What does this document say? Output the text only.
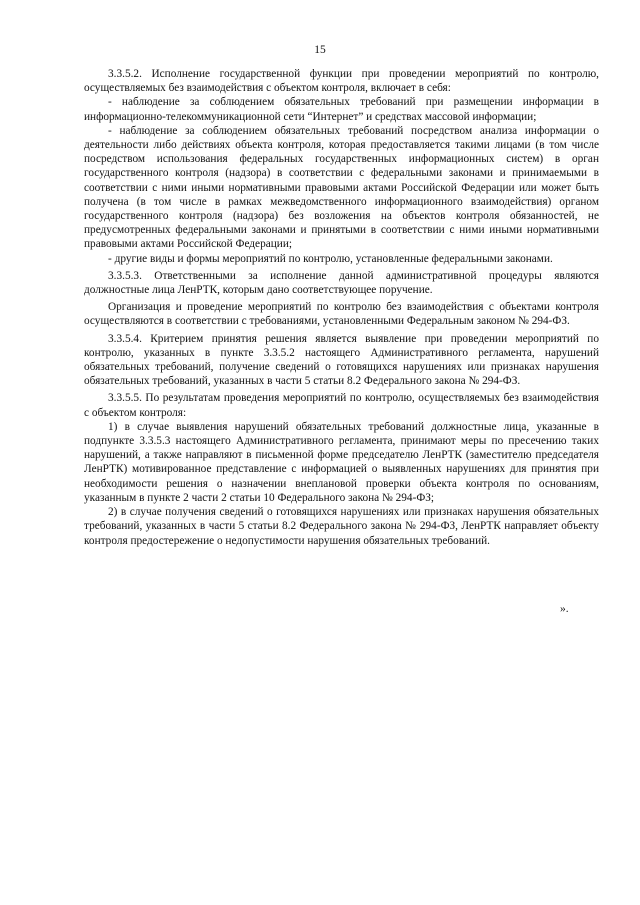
15

3.3.5.2. Исполнение государственной функции при проведении мероприятий по контролю, осуществляемых без взаимодействия с объектом контроля, включает в себя:

- наблюдение за соблюдением обязательных требований при размещении информации в информационно-телекоммуникационной сети “Интернет” и средствах массовой информации;

- наблюдение за соблюдением обязательных требований посредством анализа информации о деятельности либо действиях объекта контроля, которая предоставляется такими лицами (в том числе посредством использования федеральных государственных информационных систем) в орган государственного контроля (надзора) в соответствии с федеральными законами и принимаемыми в соответствии с ними иными нормативными правовыми актами Российской Федерации или может быть получена (в том числе в рамках межведомственного информационного взаимодействия) органом государственного контроля (надзора) без возложения на объектов контроля обязанностей, не предусмотренных федеральными законами и принятыми в соответствии с ними иными нормативными правовыми актами Российской Федерации;

- другие виды и формы мероприятий по контролю, установленные федеральными законами.

3.3.5.3. Ответственными за исполнение данной административной процедуры являются должностные лица ЛенРТК, которым дано соответствующее поручение.

Организация и проведение мероприятий по контролю без взаимодействия с объектами контроля осуществляются в соответствии с требованиями, установленными Федеральным законом № 294-ФЗ.

3.3.5.4. Критерием принятия решения является выявление при проведении мероприятий по контролю, указанных в пункте 3.3.5.2 настоящего Административного регламента, нарушений обязательных требований, получение сведений о готовящихся нарушениях или признаках нарушения обязательных требований, указанных в части 5 статьи 8.2 Федерального закона № 294-ФЗ.

3.3.5.5. По результатам проведения мероприятий по контролю, осуществляемых без взаимодействия с объектом контроля:

1) в случае выявления нарушений обязательных требований должностные лица, указанные в подпункте 3.3.5.3 настоящего Административного регламента, принимают меры по пресечению таких нарушений, а также направляют в письменной форме председателю ЛенРТК (заместителю председателя ЛенРТК) мотивированное представление с информацией о выявленных нарушениях для принятия при необходимости решения о назначении внеплановой проверки объекта контроля по основаниям, указанным в пункте 2 части 2 статьи 10 Федерального закона № 294-ФЗ;

2) в случае получения сведений о готовящихся нарушениях или признаках нарушения обязательных требований, указанных в части 5 статьи 8.2 Федерального закона № 294-ФЗ, ЛенРТК направляет объекту контроля предостережение о недопустимости нарушения обязательных требований.

».
